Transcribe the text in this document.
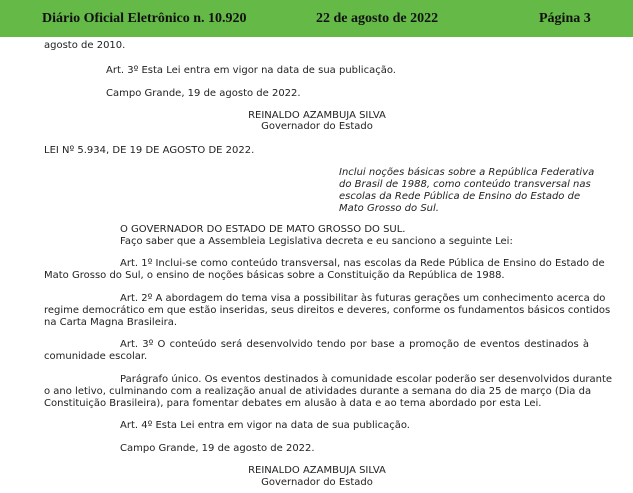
Diário Oficial Eletrônico n. 10.920	22 de agosto de 2022	Página 3
agosto de 2010.
Art. 3º Esta Lei entra em vigor na data de sua publicação.
Campo Grande, 19 de agosto de 2022.
REINALDO AZAMBUJA SILVA
Governador do Estado
LEI Nº 5.934, DE 19 DE AGOSTO DE 2022.
Inclui noções básicas sobre a República Federativa
do Brasil de 1988, como conteúdo transversal nas
escolas da Rede Pública de Ensino do Estado de
Mato Grosso do Sul.
O GOVERNADOR DO ESTADO DE MATO GROSSO DO SUL.
Faço saber que a Assembleia Legislativa decreta e eu sanciono a seguinte Lei:
Art. 1º Inclui-se como conteúdo transversal, nas escolas da Rede Pública de Ensino do Estado de
Mato Grosso do Sul, o ensino de noções básicas sobre a Constituição da República de 1988.
Art. 2º A abordagem do tema visa a possibilitar às futuras gerações um conhecimento acerca do
regime democrático em que estão inseridas, seus direitos e deveres, conforme os fundamentos básicos contidos
na Carta Magna Brasileira.
Art. 3º O conteúdo será desenvolvido tendo por base a promoção de eventos destinados à
comunidade escolar.
Parágrafo único. Os eventos destinados à comunidade escolar poderão ser desenvolvidos durante
o ano letivo, culminando com a realização anual de atividades durante a semana do dia 25 de março (Dia da
Constituição Brasileira), para fomentar debates em alusão à data e ao tema abordado por esta Lei.
Art. 4º Esta Lei entra em vigor na data de sua publicação.
Campo Grande, 19 de agosto de 2022.
REINALDO AZAMBUJA SILVA
Governador do Estado
